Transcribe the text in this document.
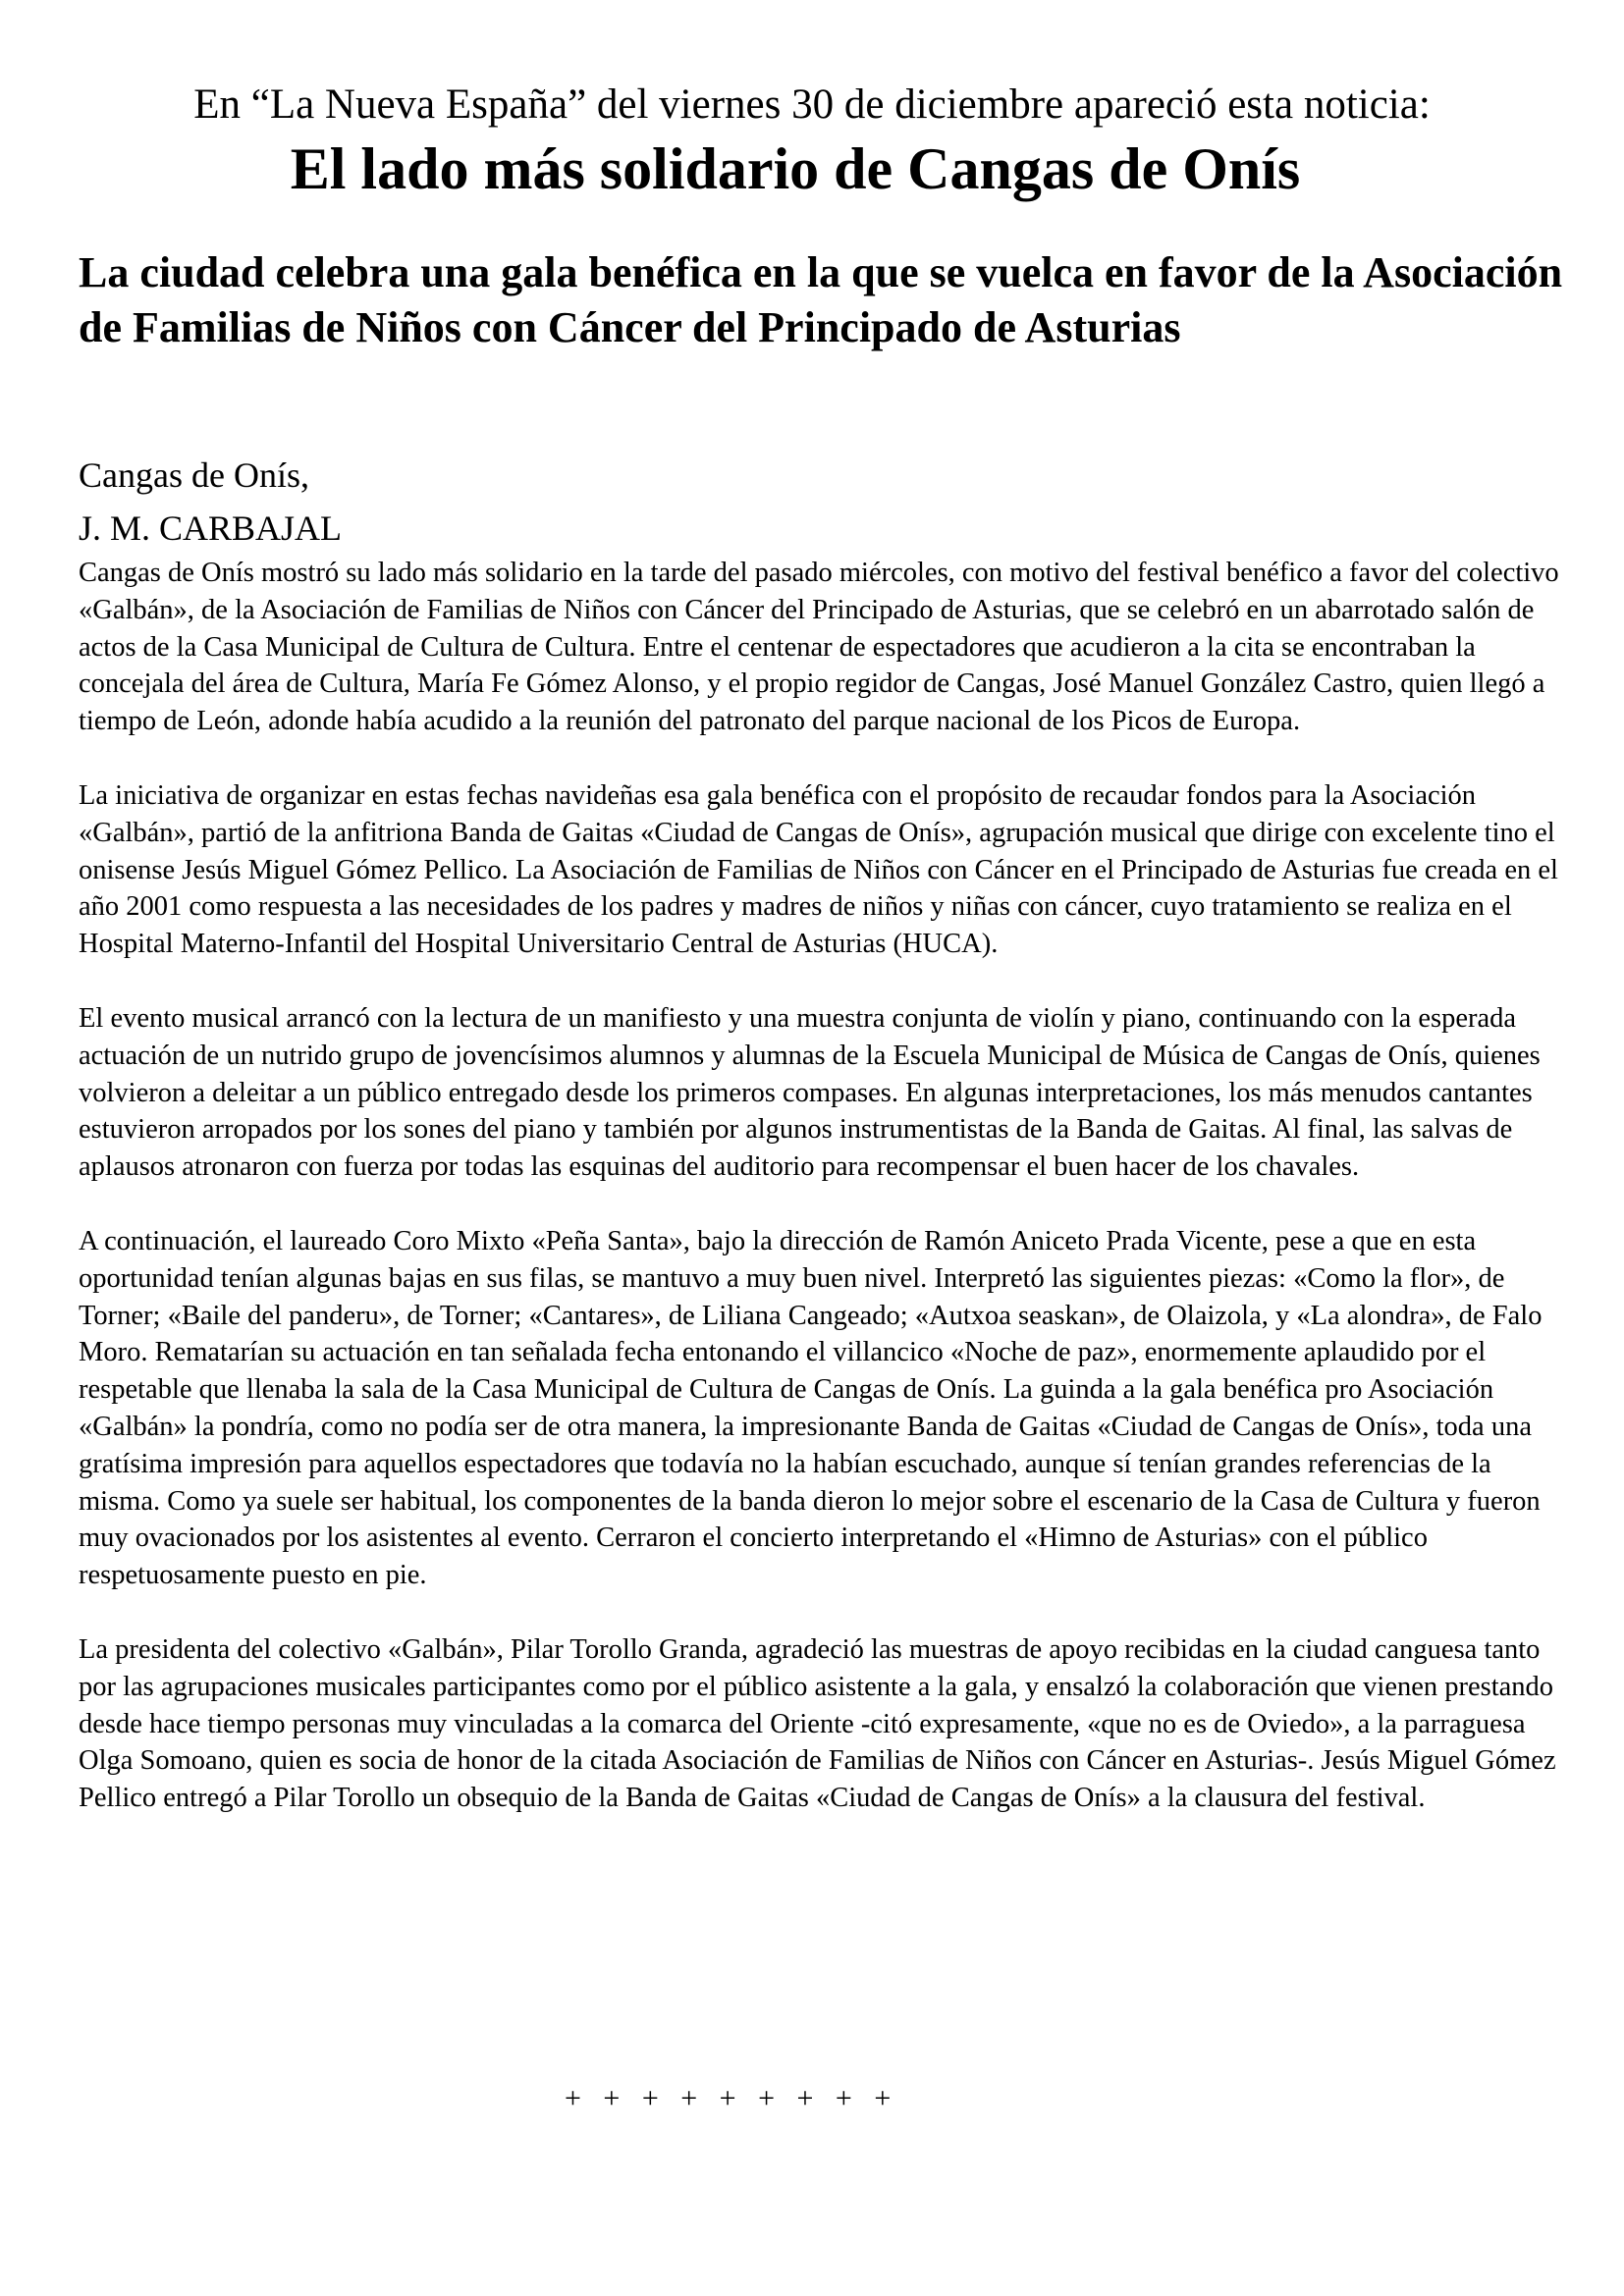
En “La Nueva España” del viernes 30 de diciembre apareció esta noticia:
El lado más solidario de Cangas de Onís
La ciudad celebra una gala benéfica en la que se vuelca en favor de la Asociación de Familias de Niños con Cáncer del Principado de Asturias
Cangas de Onís,
J. M. CARBAJAL

Cangas de Onís mostró su lado más solidario en la tarde del pasado miércoles, con motivo del festival benéfico a favor del colectivo «Galbán», de la Asociación de Familias de Niños con Cáncer del Principado de Asturias, que se celebró en un abarrotado salón de actos de la Casa Municipal de Cultura de Cultura. Entre el centenar de espectadores que acudieron a la cita se encontraban la concejala del área de Cultura, María Fe Gómez Alonso, y el propio regidor de Cangas, José Manuel González Castro, quien llegó a tiempo de León, adonde había acudido a la reunión del patronato del parque nacional de los Picos de Europa.

La iniciativa de organizar en estas fechas navideñas esa gala benéfica con el propósito de recaudar fondos para la Asociación «Galbán», partió de la anfitriona Banda de Gaitas «Ciudad de Cangas de Onís», agrupación musical que dirige con excelente tino el onisense Jesús Miguel Gómez Pellico. La Asociación de Familias de Niños con Cáncer en el Principado de Asturias fue creada en el año 2001 como respuesta a las necesidades de los padres y madres de niños y niñas con cáncer, cuyo tratamiento se realiza en el Hospital Materno-Infantil del Hospital Universitario Central de Asturias (HUCA).

El evento musical arrancó con la lectura de un manifiesto y una muestra conjunta de violín y piano, continuando con la esperada actuación de un nutrido grupo de jovencísimos alumnos y alumnas de la Escuela Municipal de Música de Cangas de Onís, quienes volvieron a deleitar a un público entregado desde los primeros compases. En algunas interpretaciones, los más menudos cantantes estuvieron arropados por los sones del piano y también por algunos instrumentistas de la Banda de Gaitas. Al final, las salvas de aplausos atronaron con fuerza por todas las esquinas del auditorio para recompensar el buen hacer de los chavales.

A continuación, el laureado Coro Mixto «Peña Santa», bajo la dirección de Ramón Aniceto Prada Vicente, pese a que en esta oportunidad tenían algunas bajas en sus filas, se mantuvo a muy buen nivel. Interpretó las siguientes piezas: «Como la flor», de Torner; «Baile del panderu», de Torner; «Cantares», de Liliana Cangeado; «Autxoa seaskan», de Olaizola, y «La alondra», de Falo Moro. Rematarían su actuación en tan señalada fecha entonando el villancico «Noche de paz», enormemente aplaudido por el respetable que llenaba la sala de la Casa Municipal de Cultura de Cangas de Onís. La guinda a la gala benéfica pro Asociación «Galbán» la pondría, como no podía ser de otra manera, la impresionante Banda de Gaitas «Ciudad de Cangas de Onís», toda una gratísima impresión para aquellos espectadores que todavía no la habían escuchado, aunque sí tenían grandes referencias de la misma. Como ya suele ser habitual, los componentes de la banda dieron lo mejor sobre el escenario de la Casa de Cultura y fueron muy ovacionados por los asistentes al evento. Cerraron el concierto interpretando el «Himno de Asturias» con el público respetuosamente puesto en pie.

La presidenta del colectivo «Galbán», Pilar Torollo Granda, agradeció las muestras de apoyo recibidas en la ciudad canguesa tanto por las agrupaciones musicales participantes como por el público asistente a la gala, y ensalzó la colaboración que vienen prestando desde hace tiempo personas muy vinculadas a la comarca del Oriente -citó expresamente, «que no es de Oviedo», a la parraguesa Olga Somoano, quien es socia de honor de la citada Asociación de Familias de Niños con Cáncer en Asturias-. Jesús Miguel Gómez Pellico entregó a Pilar Torollo un obsequio de la Banda de Gaitas «Ciudad de Cangas de Onís» a la clausura del festival.

+   +   +   +   +   +   +   +   +
